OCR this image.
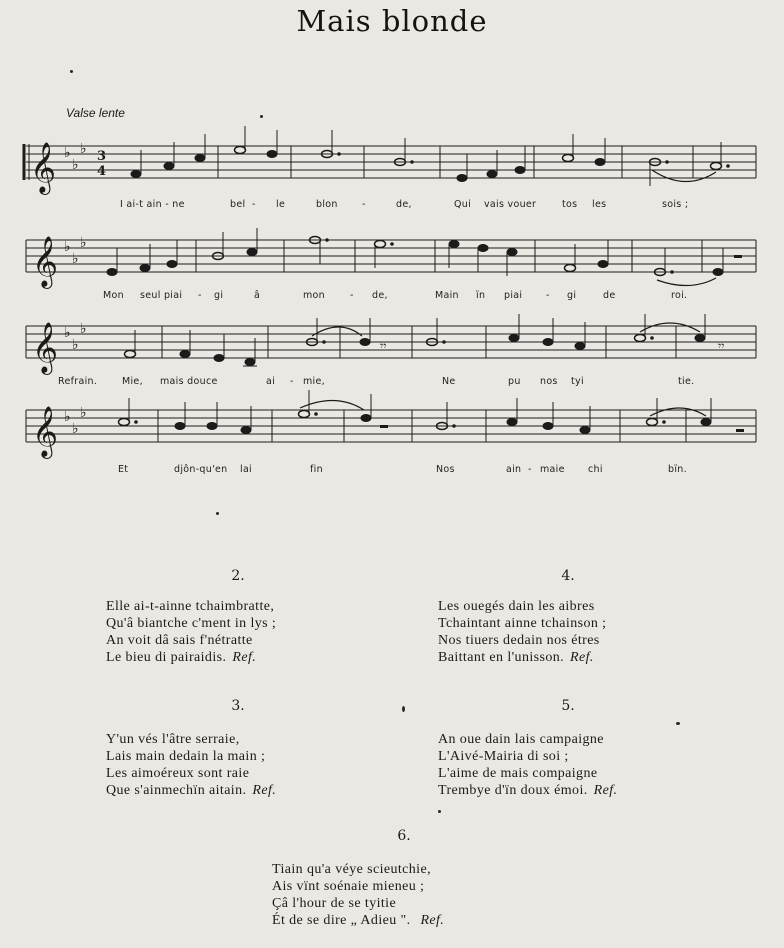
Mais blonde
Valse lente
𝄞 ♭
♭
♭ 3
4
I ai-t ain - ne	bel - le	blon	-	de,	Qui vais vouer	tos les	sois ;
𝄞 ♭
♭
♭
Mon seul piai - gi	â	mon	- de,	Main ïn piai - gi	de	roi.
𝄞 ♭
♭
♭
𝄾𝄾	𝄾𝄾
Refrain.	Mie, mais douce	ai - mie,	Ne	pu nos tyi	tie.
𝄞 ♭
♭
♭
Et	djôn-qu'en lai	fin	Nos	ain - maie chi	bïn.
2.
Elle ai-t-ainne tchaimbratte,
Qu'â biantche c'ment in lys ;
An voit dâ sais f'nétratte
Le bieu di pairaidis. Ref.
4.
Les ouegés dain les aibres
Tchaintant ainne tchainson ;
Nos tiuers dedain nos étres
Baittant en l'unisson. Ref.
3.
Y'un vés l'âtre serraie,
Lais main dedain la main ;
Les aimoéreux sont raie
Que s'ainmechïn aitain. Ref.
5.
An oue dain lais campaigne
L'Aivé-Mairia di soi ;
L'aime de mais compaigne
Trembye d'ïn doux émoi. Ref.
6.
Tiain qu'a véye scieutchie,
Ais vïnt soénaie mieneu ;
Çâ l'hour de se tyitie
Ét de se dire „ Adieu ". Ref.
